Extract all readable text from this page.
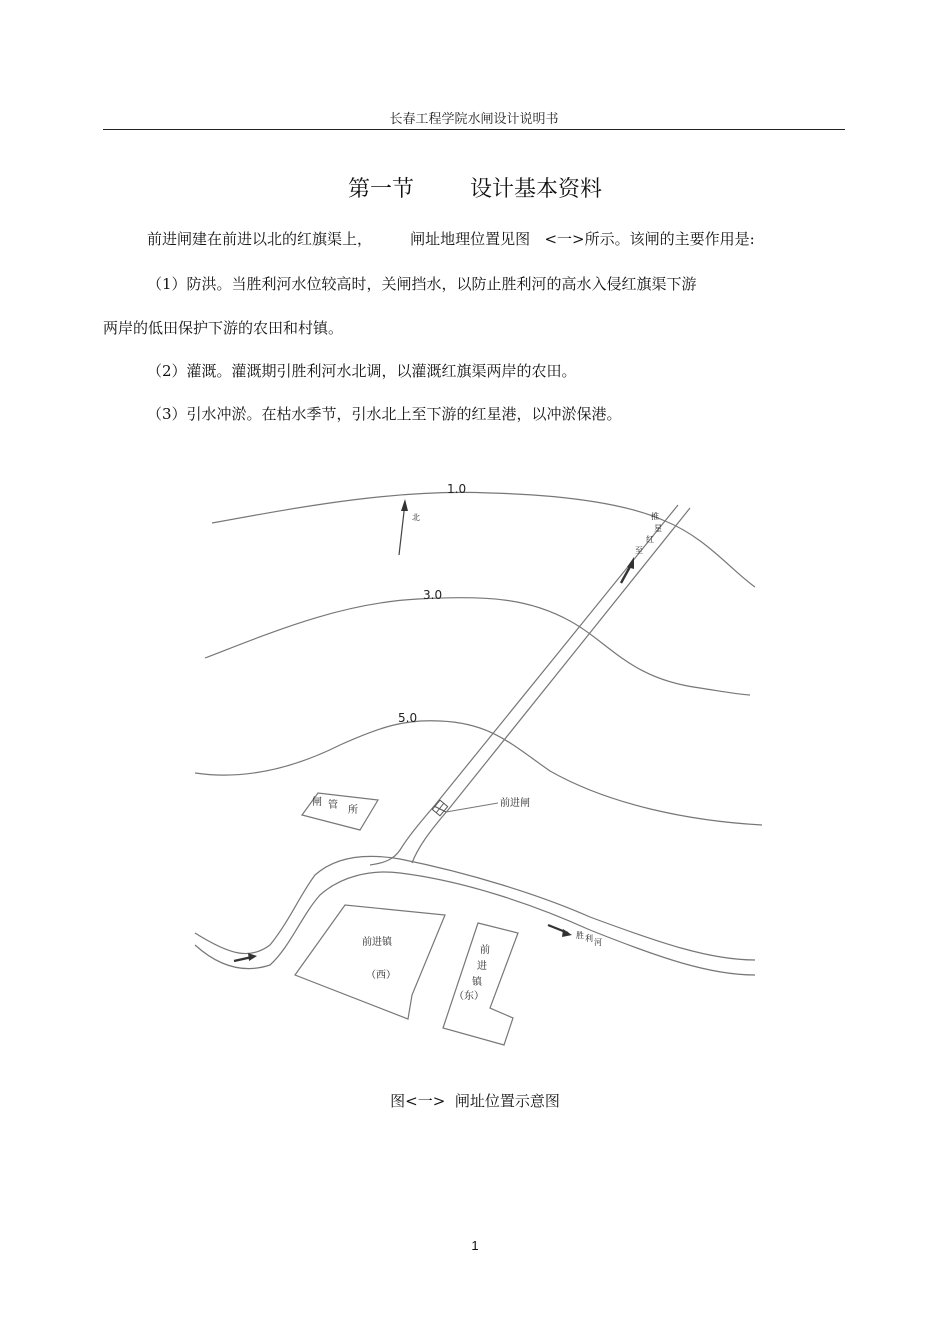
长春工程学院水闸设计说明书
第一节        设计基本资料
前进闸建在前进以北的红旗渠上，        闸址地理位置见图   <一>所示。该闸的主要作用是:
（1）防洪。当胜利河水位较高时，关闸挡水，以防止胜利河的高水入侵红旗渠下游
两岸的低田保护下游的农田和村镇。
（2）灌溉。灌溉期引胜利河水北调，以灌溉红旗渠两岸的农田。
（3）引水冲淤。在枯水季节，引水北上至下游的红星港，以冲淤保港。
1.0
3.0
5.0
北	推
星
红
至
前进闸
闸 管 所
胜 利 河
前进镇
（西）
前
进
镇
（东）
图<一>  闸址位置示意图
1
